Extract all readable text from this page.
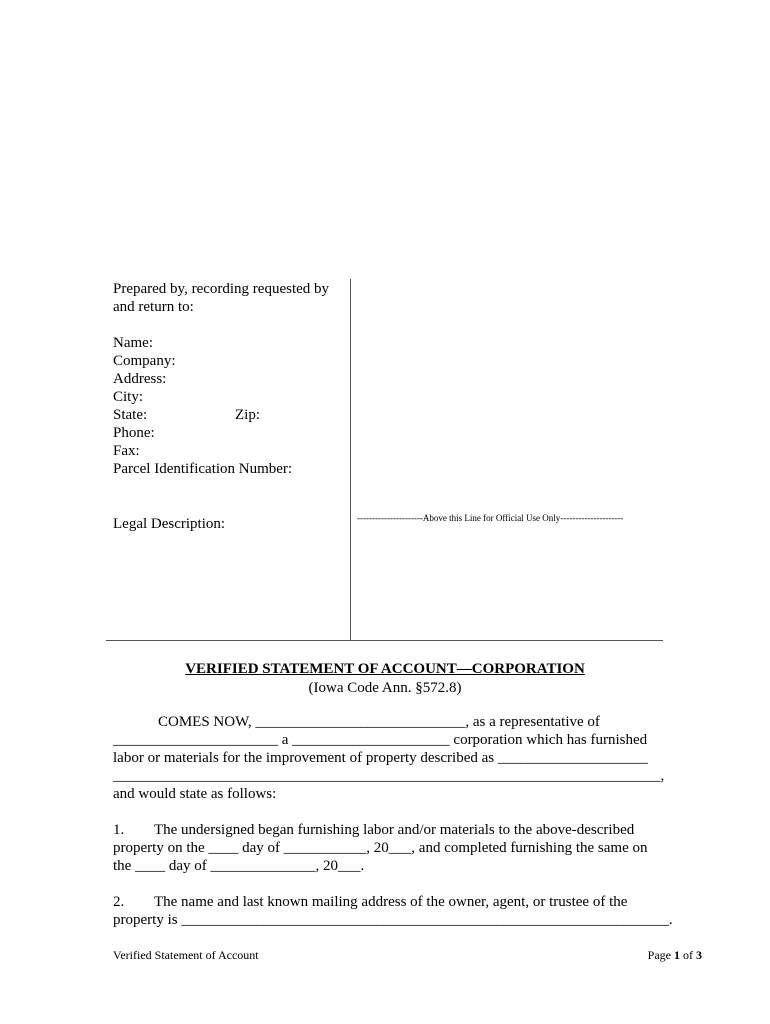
Prepared by, recording requested by
and return to:
Name:
Company:
Address:
City:
State:	Zip:
Phone:
Fax:
Parcel Identification Number:
Legal Description:	----------------------Above this Line for Official Use Only---------------------
VERIFIED STATEMENT OF ACCOUNT—CORPORATION
(Iowa Code Ann. §572.8)
COMES NOW, ____________________________, as a representative of
______________________ a _____________________ corporation which has furnished
labor or materials for the improvement of property described as ____________________
_________________________________________________________________________,
and would state as follows:
1.        The undersigned began furnishing labor and/or materials to the above-described
property on the ____ day of ___________, 20___, and completed furnishing the same on
the ____ day of ______________, 20___.
2.        The name and last known mailing address of the owner, agent, or trustee of the
property is _________________________________________________________________.
Verified Statement of Account	Page 1 of 3
